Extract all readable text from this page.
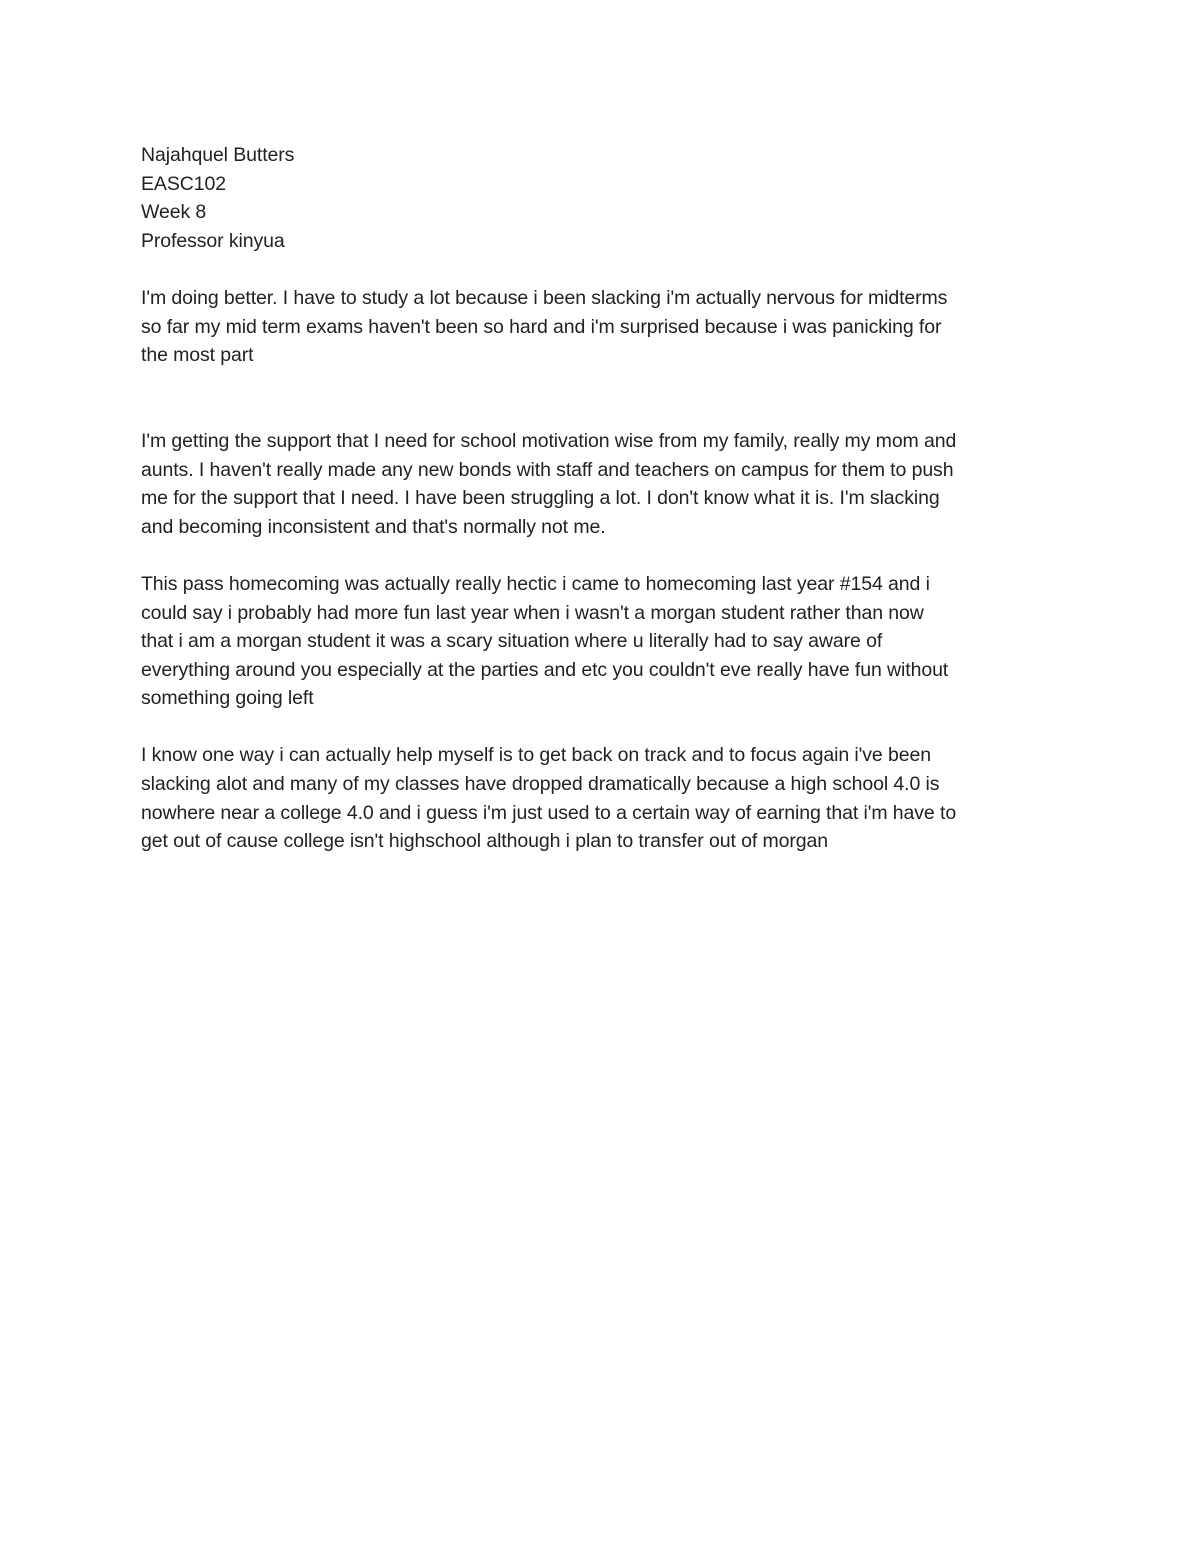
Najahquel Butters
EASC102
Week 8
Professor kinyua
I'm doing better. I have to study a lot because i been slacking i'm actually nervous for midterms
so far my mid term exams haven't been so hard and i'm surprised because i was panicking for
the most part
I'm getting the support that I need for school motivation wise from my family, really my mom and
aunts. I haven't really made any new bonds with staff and teachers on campus for them to push
me for the support that I need. I have been struggling a lot. I don't know what it is. I'm slacking
and becoming inconsistent and that's normally not me.
This pass homecoming was actually really hectic i came to homecoming last year #154 and i
could say i probably had more fun last year when i wasn't a morgan student rather than now
that i am a morgan student it was a scary situation where u literally had to say aware of
everything around you especially at the parties and etc you couldn't eve really have fun without
something going left
I know one way i can actually help myself is to get back on track and to focus again i've been
slacking alot and many of my classes have dropped dramatically because a high school 4.0 is
nowhere near a college 4.0 and i guess i'm just used to a certain way of earning that i'm have to
get out of cause college isn't highschool although i plan to transfer out of morgan
